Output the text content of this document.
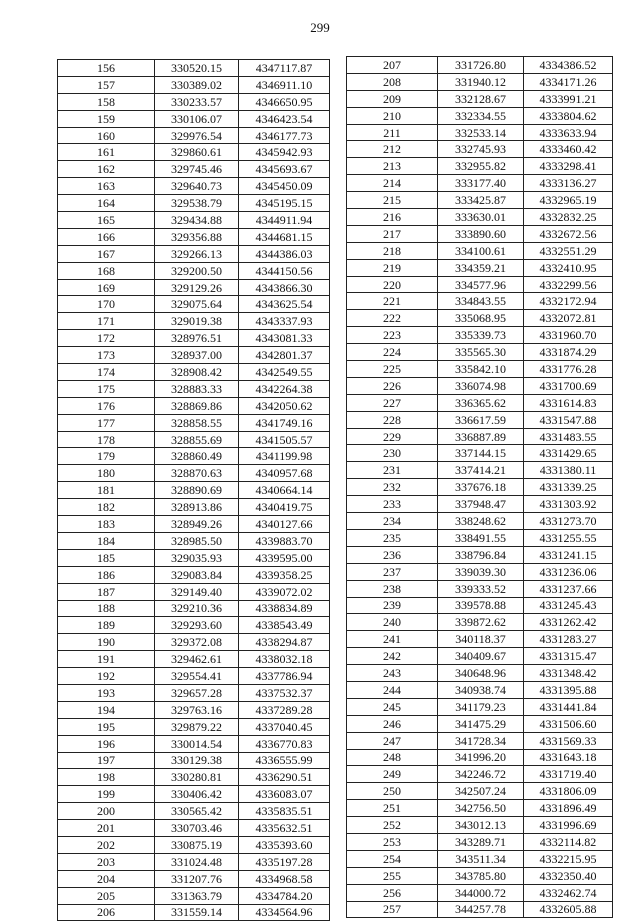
299
156	330520.15	4347117.87
157	330389.02	4346911.10
158	330233.57	4346650.95
159	330106.07	4346423.54
160	329976.54	4346177.73
161	329860.61	4345942.93
162	329745.46	4345693.67
163	329640.73	4345450.09
164	329538.79	4345195.15
165	329434.88	4344911.94
166	329356.88	4344681.15
167	329266.13	4344386.03
168	329200.50	4344150.56
169	329129.26	4343866.30
170	329075.64	4343625.54
171	329019.38	4343337.93
172	328976.51	4343081.33
173	328937.00	4342801.37
174	328908.42	4342549.55
175	328883.33	4342264.38
176	328869.86	4342050.62
177	328858.55	4341749.16
178	328855.69	4341505.57
179	328860.49	4341199.98
180	328870.63	4340957.68
181	328890.69	4340664.14
182	328913.86	4340419.75
183	328949.26	4340127.66
184	328985.50	4339883.70
185	329035.93	4339595.00
186	329083.84	4339358.25
187	329149.40	4339072.02
188	329210.36	4338834.89
189	329293.60	4338543.49
190	329372.08	4338294.87
191	329462.61	4338032.18
192	329554.41	4337786.94
193	329657.28	4337532.37
194	329763.16	4337289.28
195	329879.22	4337040.45
196	330014.54	4336770.83
197	330129.38	4336555.99
198	330280.81	4336290.51
199	330406.42	4336083.07
200	330565.42	4335835.51
201	330703.46	4335632.51
202	330875.19	4335393.60
203	331024.48	4335197.28
204	331207.76	4334968.58
205	331363.79	4334784.20
206	331559.14	4334564.96
207	331726.80	4334386.52
208	331940.12	4334171.26
209	332128.67	4333991.21
210	332334.55	4333804.62
211	332533.14	4333633.94
212	332745.93	4333460.42
213	332955.82	4333298.41
214	333177.40	4333136.27
215	333425.87	4332965.19
216	333630.01	4332832.25
217	333890.60	4332672.56
218	334100.61	4332551.29
219	334359.21	4332410.95
220	334577.96	4332299.56
221	334843.55	4332172.94
222	335068.95	4332072.81
223	335339.73	4331960.70
224	335565.30	4331874.29
225	335842.10	4331776.28
226	336074.98	4331700.69
227	336365.62	4331614.83
228	336617.59	4331547.88
229	336887.89	4331483.55
230	337144.15	4331429.65
231	337414.21	4331380.11
232	337676.18	4331339.25
233	337948.47	4331303.92
234	338248.62	4331273.70
235	338491.55	4331255.55
236	338796.84	4331241.15
237	339039.30	4331236.06
238	339333.52	4331237.66
239	339578.88	4331245.43
240	339872.62	4331262.42
241	340118.37	4331283.27
242	340409.67	4331315.47
243	340648.96	4331348.42
244	340938.74	4331395.88
245	341179.23	4331441.84
246	341475.29	4331506.60
247	341728.34	4331569.33
248	341996.20	4331643.18
249	342246.72	4331719.40
250	342507.24	4331806.09
251	342756.50	4331896.49
252	343012.13	4331996.69
253	343289.71	4332114.82
254	343511.34	4332215.95
255	343785.80	4332350.40
256	344000.72	4332462.74
257	344257.78	4332605.88
